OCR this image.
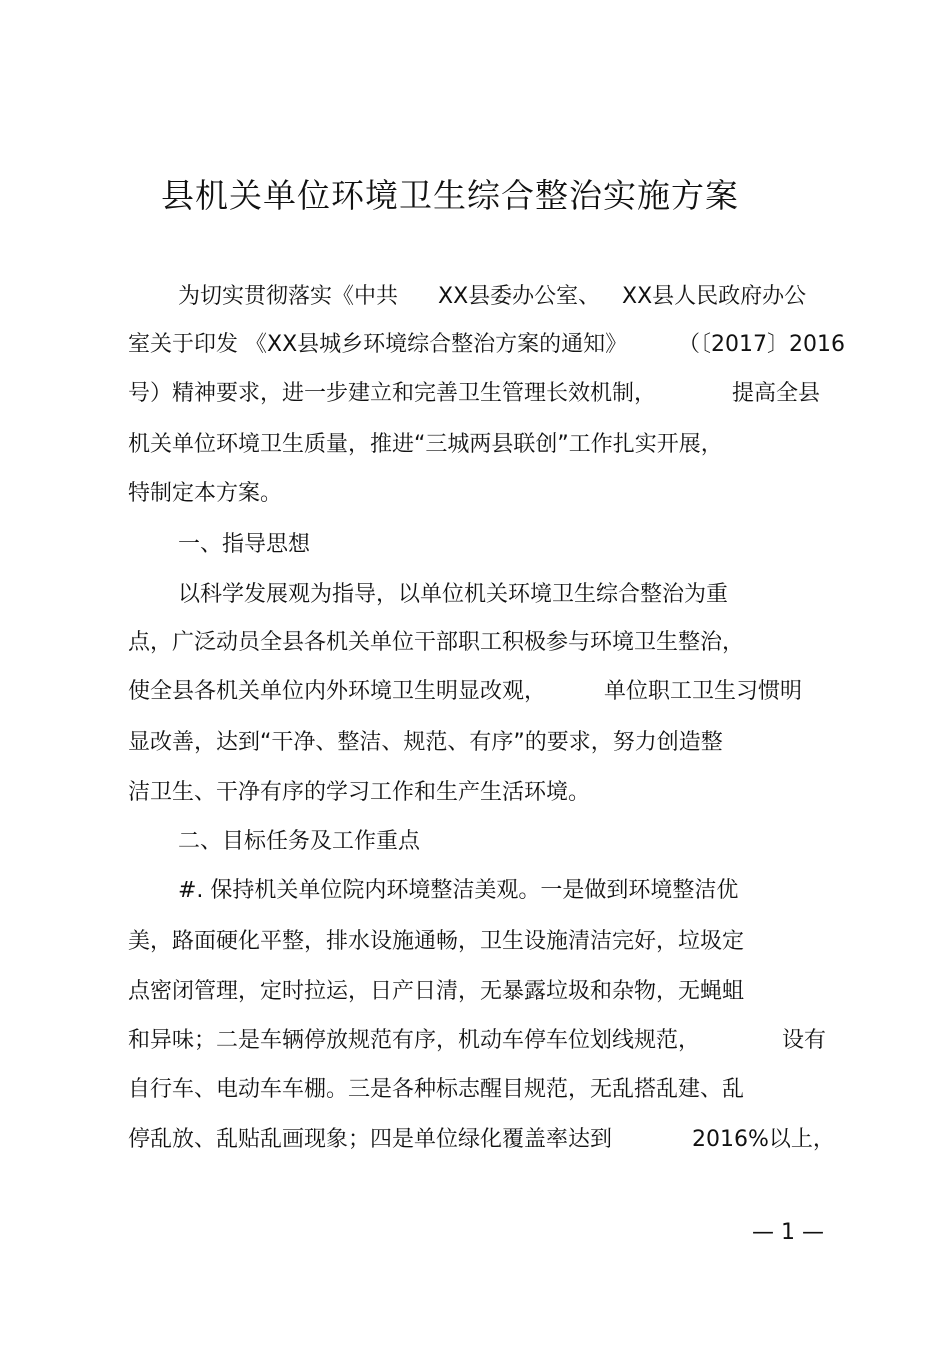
县机关单位环境卫生综合整治实施方案
为切实贯彻落实《中共 XX县委办公室、 XX县人民政府办公
室关于印发 《XX县城乡环境综合整治方案的通知》 （〔2017〕2016
号）精神要求，进一步建立和完善卫生管理长效机制，	提高全县
机关单位环境卫生质量，推进“三城两县联创”工作扎实开展，
特制定本方案。
一、指导思想
以科学发展观为指导，以单位机关环境卫生综合整治为重
点，广泛动员全县各机关单位干部职工积极参与环境卫生整治，
使全县各机关单位内外环境卫生明显改观，	单位职工卫生习惯明
显改善，达到“干净、整洁、规范、有序”的要求，努力创造整
洁卫生、干净有序的学习工作和生产生活环境。
二、目标任务及工作重点
#. 保持机关单位院内环境整洁美观。一是做到环境整洁优
美，路面硬化平整，排水设施通畅，卫生设施清洁完好，垃圾定
点密闭管理，定时拉运，日产日清，无暴露垃圾和杂物，无蝇蛆
和异味；二是车辆停放规范有序，机动车停车位划线规范，	设有
自行车、电动车车棚。三是各种标志醒目规范，无乱搭乱建、乱
停乱放、乱贴乱画现象；四是单位绿化覆盖率达到	2016%以上，
— 1 —
